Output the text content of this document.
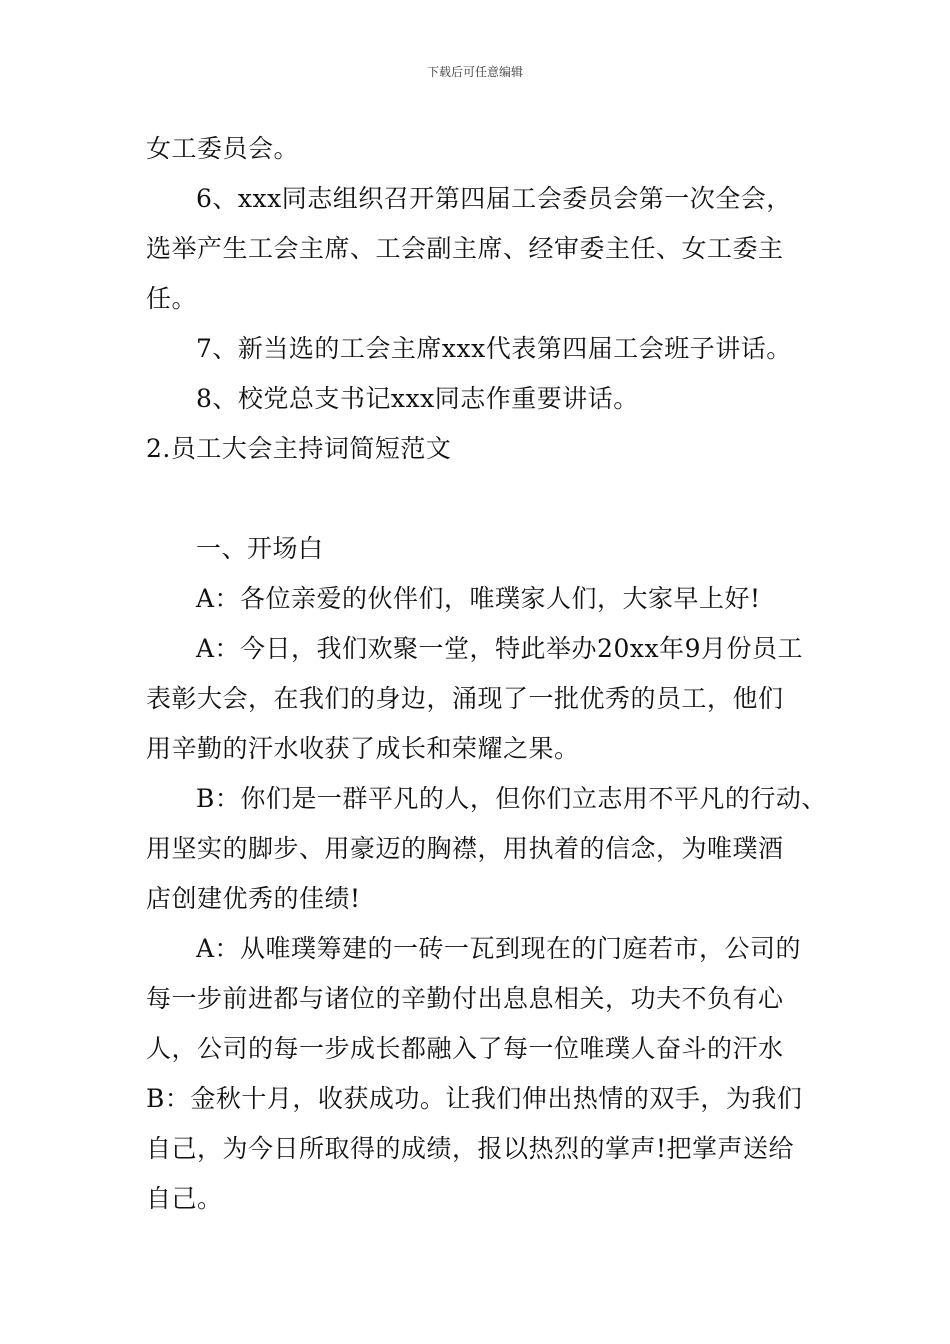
下载后可任意编辑
女工委员会。
6、xxx同志组织召开第四届工会委员会第一次全会，
选举产生工会主席、工会副主席、经审委主任、女工委主
任。
7、新当选的工会主席xxx代表第四届工会班子讲话。
8、校党总支书记xxx同志作重要讲话。
2.员工大会主持词简短范文
一、开场白
A：各位亲爱的伙伴们，唯璞家人们，大家早上好!
A：今日，我们欢聚一堂，特此举办20xx年9月份员工
表彰大会，在我们的身边，涌现了一批优秀的员工，他们
用辛勤的汗水收获了成长和荣耀之果。
B：你们是一群平凡的人，但你们立志用不平凡的行动、
用坚实的脚步、用豪迈的胸襟，用执着的信念，为唯璞酒
店创建优秀的佳绩!
A：从唯璞筹建的一砖一瓦到现在的门庭若市，公司的
每一步前进都与诸位的辛勤付出息息相关，功夫不负有心
人，公司的每一步成长都融入了每一位唯璞人奋斗的汗水
B：金秋十月，收获成功。让我们伸出热情的双手，为我们
自己，为今日所取得的成绩，报以热烈的掌声!把掌声送给
自己。
